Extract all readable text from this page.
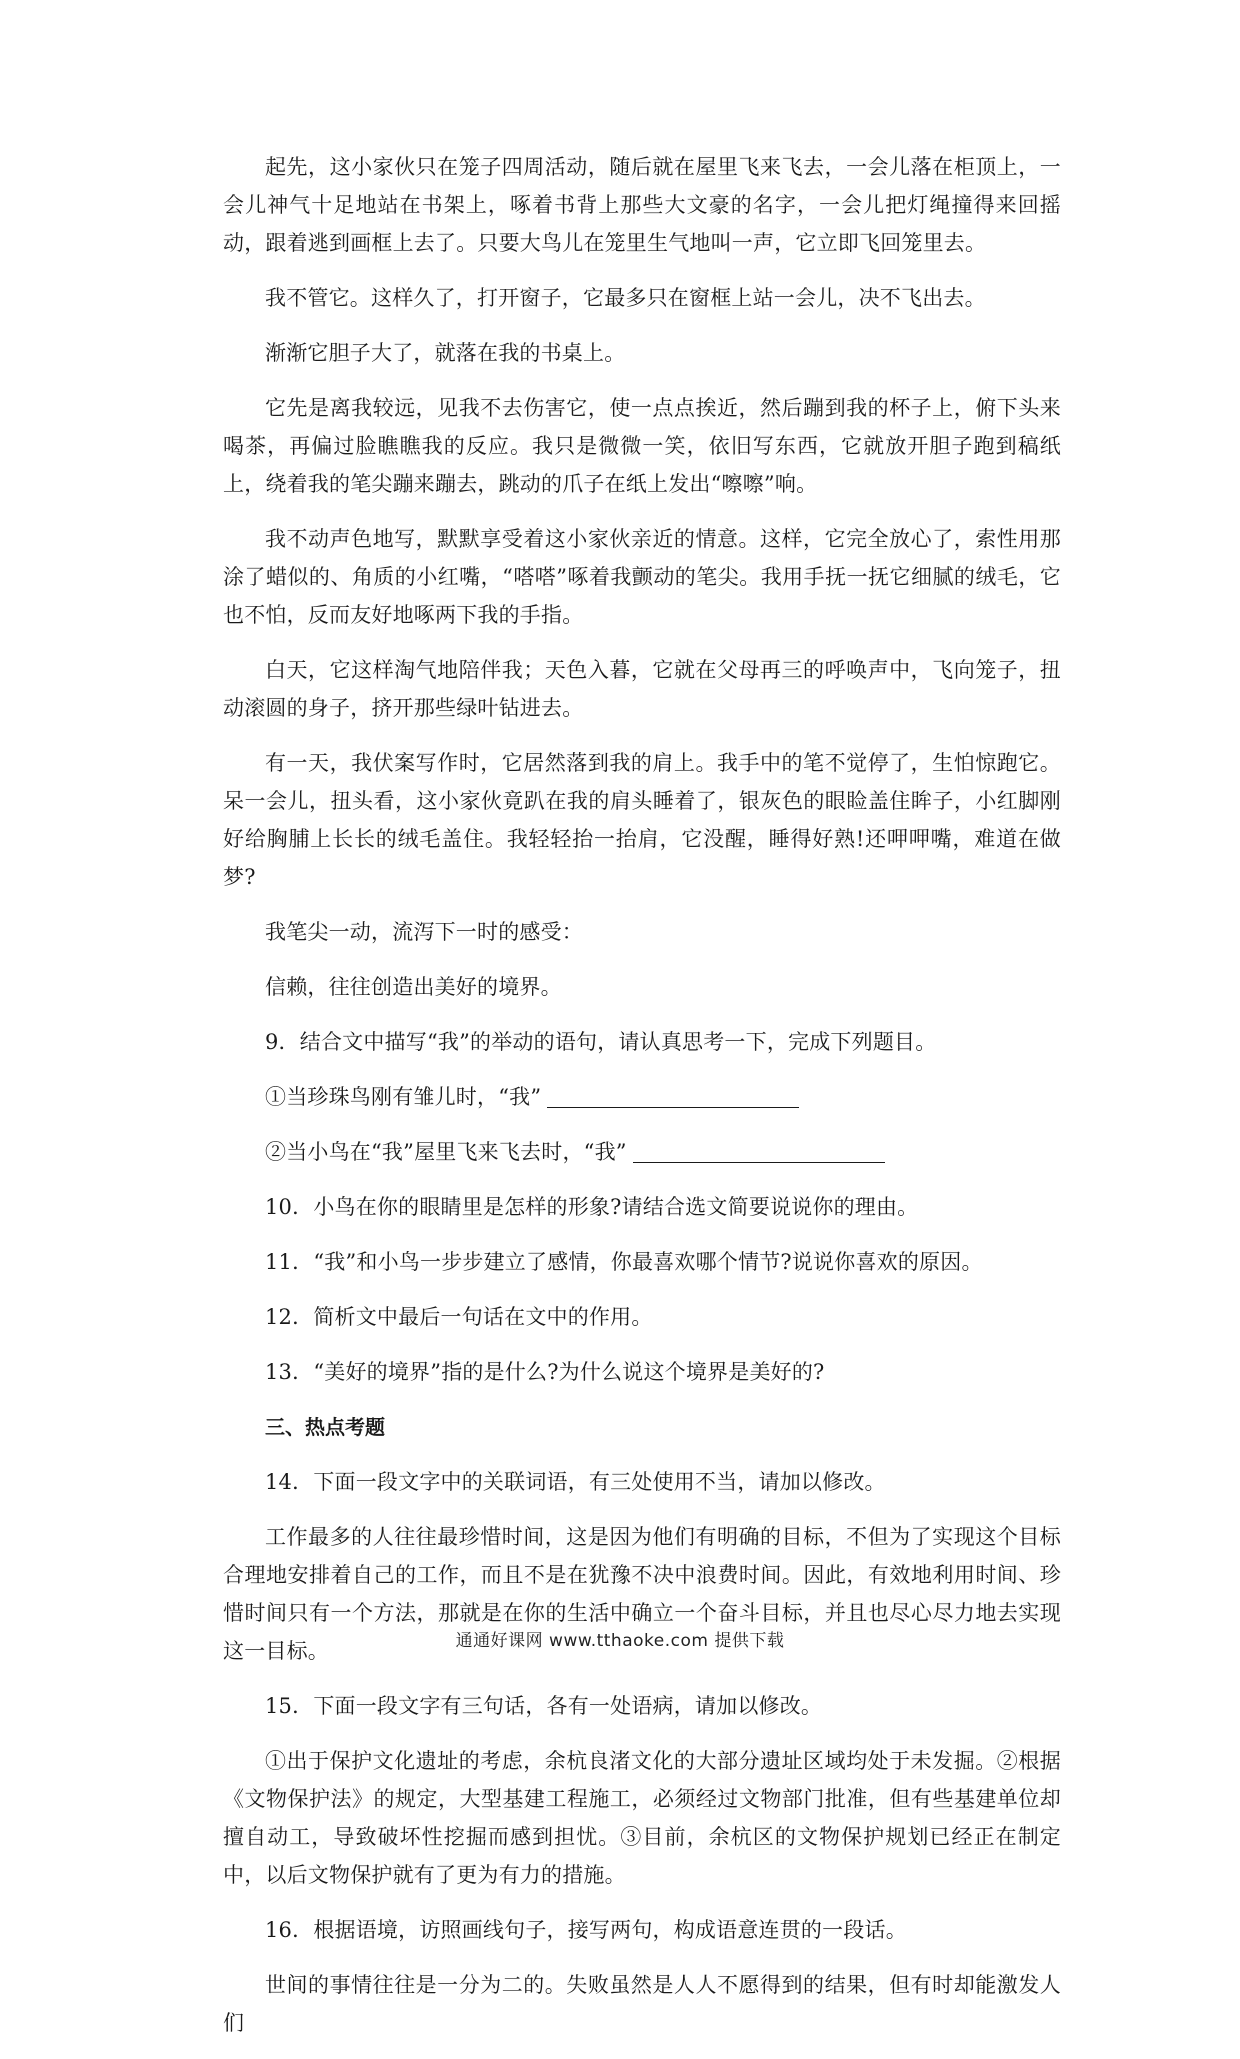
起先，这小家伙只在笼子四周活动，随后就在屋里飞来飞去，一会儿落在柜顶上，一会儿神气十足地站在书架上，啄着书背上那些大文豪的名字，一会儿把灯绳撞得来回摇动，跟着逃到画框上去了。只要大鸟儿在笼里生气地叫一声，它立即飞回笼里去。

我不管它。这样久了，打开窗子，它最多只在窗框上站一会儿，决不飞出去。

渐渐它胆子大了，就落在我的书桌上。

它先是离我较远，见我不去伤害它，使一点点挨近，然后蹦到我的杯子上，俯下头来喝茶，再偏过脸瞧瞧我的反应。我只是微微一笑，依旧写东西，它就放开胆子跑到稿纸上，绕着我的笔尖蹦来蹦去，跳动的爪子在纸上发出“嚓嚓”响。

我不动声色地写，默默享受着这小家伙亲近的情意。这样，它完全放心了，索性用那涂了蜡似的、角质的小红嘴，“嗒嗒”啄着我颤动的笔尖。我用手抚一抚它细腻的绒毛，它也不怕，反而友好地啄两下我的手指。

白天，它这样淘气地陪伴我；天色入暮，它就在父母再三的呼唤声中，飞向笼子，扭动滚圆的身子，挤开那些绿叶钻进去。

有一天，我伏案写作时，它居然落到我的肩上。我手中的笔不觉停了，生怕惊跑它。呆一会儿，扭头看，这小家伙竟趴在我的肩头睡着了，银灰色的眼睑盖住眸子，小红脚刚好给胸脯上长长的绒毛盖住。我轻轻抬一抬肩，它没醒，睡得好熟!还呷呷嘴，难道在做梦?

我笔尖一动，流泻下一时的感受：

信赖，往往创造出美好的境界。

9．结合文中描写“我”的举动的语句，请认真思考一下，完成下列题目。

①当珍珠鸟刚有雏儿时，“我”

②当小鸟在“我”屋里飞来飞去时，“我”

10．小鸟在你的眼睛里是怎样的形象?请结合选文简要说说你的理由。

11．“我”和小鸟一步步建立了感情，你最喜欢哪个情节?说说你喜欢的原因。

12．简析文中最后一句话在文中的作用。

13．“美好的境界”指的是什么?为什么说这个境界是美好的?

三、热点考题

14．下面一段文字中的关联词语，有三处使用不当，请加以修改。

工作最多的人往往最珍惜时间，这是因为他们有明确的目标，不但为了实现这个目标合理地安排着自己的工作，而且不是在犹豫不决中浪费时间。因此，有效地利用时间、珍惜时间只有一个方法，那就是在你的生活中确立一个奋斗目标，并且也尽心尽力地去实现这一目标。

15．下面一段文字有三句话，各有一处语病，请加以修改。

①出于保护文化遗址的考虑，余杭良渚文化的大部分遗址区域均处于未发掘。②根据《文物保护法》的规定，大型基建工程施工，必须经过文物部门批准，但有些基建单位却擅自动工，导致破坏性挖掘而感到担忧。③目前，余杭区的文物保护规划已经正在制定中，以后文物保护就有了更为有力的措施。

16．根据语境，访照画线句子，接写两句，构成语意连贯的一段话。

世间的事情往往是一分为二的。失败虽然是人人不愿得到的结果，但有时却能激发人们

通通好课网 www.tthaoke.com 提供下载
